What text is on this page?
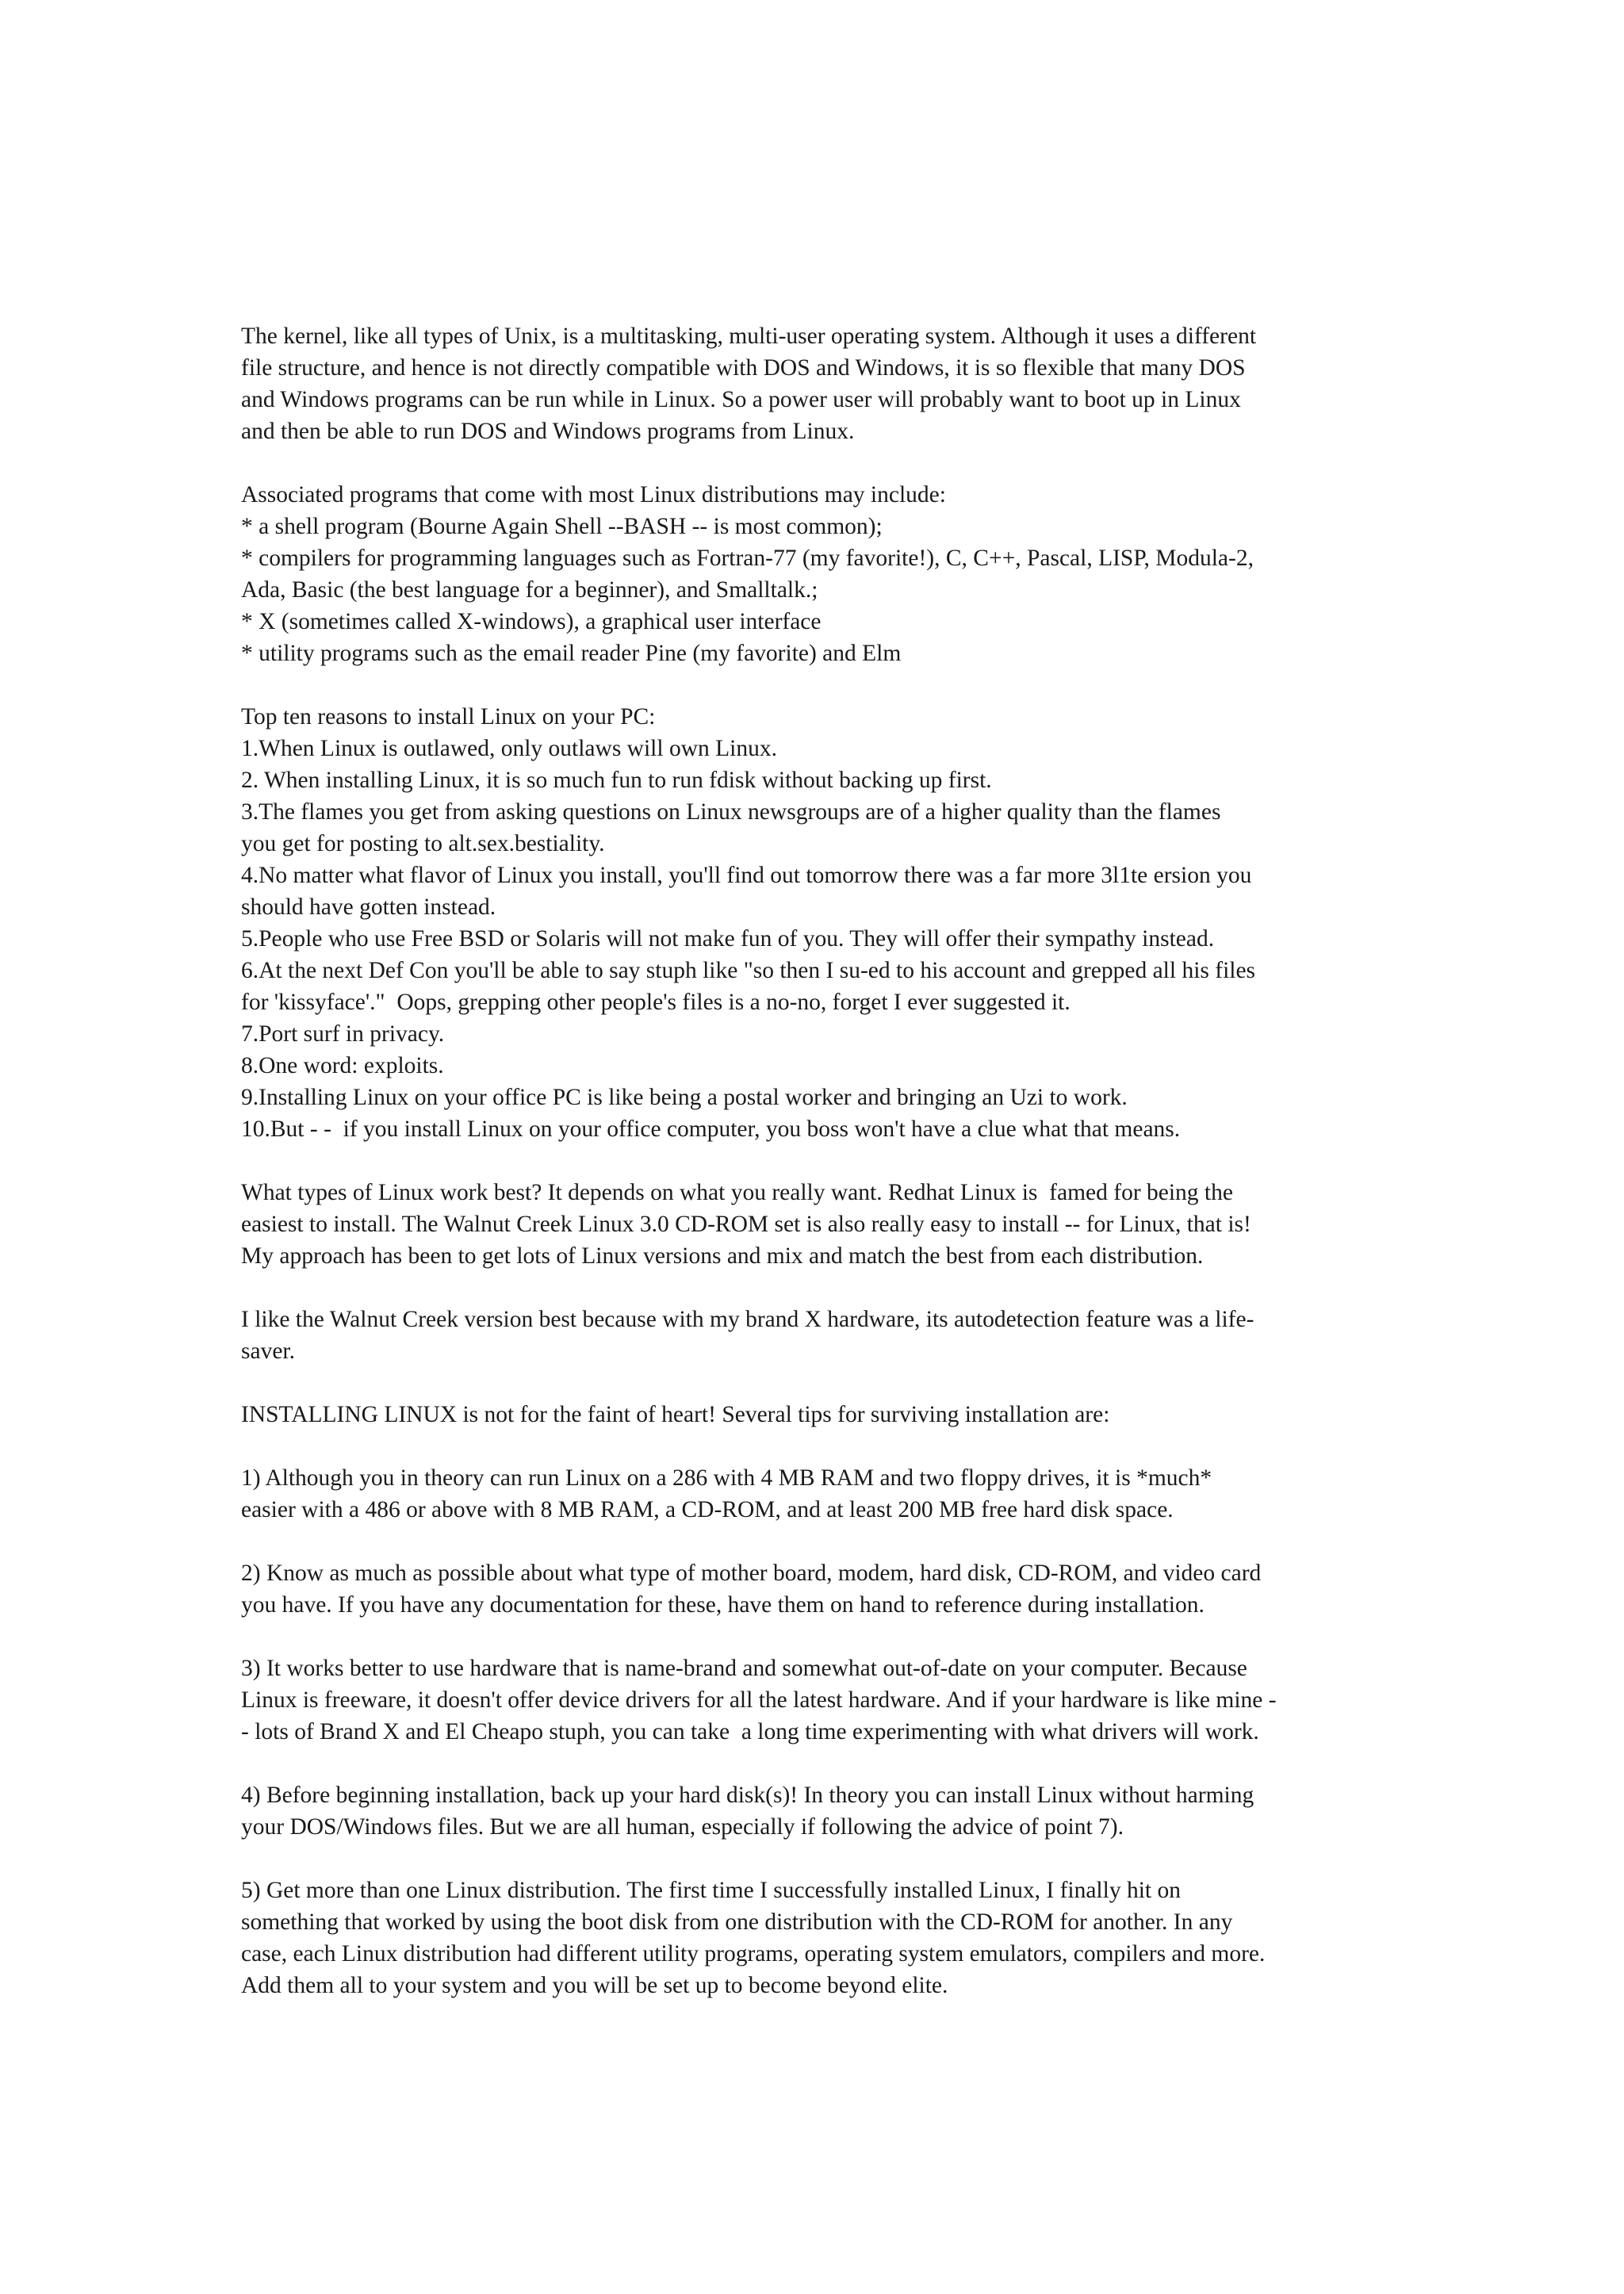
The kernel, like all types of Unix, is a multitasking, multi-user operating system. Although it uses a different
file structure, and hence is not directly compatible with DOS and Windows, it is so flexible that many DOS
and Windows programs can be run while in Linux. So a power user will probably want to boot up in Linux
and then be able to run DOS and Windows programs from Linux.

Associated programs that come with most Linux distributions may include:
* a shell program (Bourne Again Shell --BASH -- is most common);
* compilers for programming languages such as Fortran-77 (my favorite!), C, C++, Pascal, LISP, Modula-2,
Ada, Basic (the best language for a beginner), and Smalltalk.;
* X (sometimes called X-windows), a graphical user interface
* utility programs such as the email reader Pine (my favorite) and Elm

Top ten reasons to install Linux on your PC:
1.When Linux is outlawed, only outlaws will own Linux.
2. When installing Linux, it is so much fun to run fdisk without backing up first.
3.The flames you get from asking questions on Linux newsgroups are of a higher quality than the flames
you get for posting to alt.sex.bestiality.
4.No matter what flavor of Linux you install, you'll find out tomorrow there was a far more 3l1te ersion you
should have gotten instead.
5.People who use Free BSD or Solaris will not make fun of you. They will offer their sympathy instead.
6.At the next Def Con you'll be able to say stuph like "so then I su-ed to his account and grepped all his files
for 'kissyface'."  Oops, grepping other people's files is a no-no, forget I ever suggested it.
7.Port surf in privacy.
8.One word: exploits.
9.Installing Linux on your office PC is like being a postal worker and bringing an Uzi to work.
10.But - -  if you install Linux on your office computer, you boss won't have a clue what that means.

What types of Linux work best? It depends on what you really want. Redhat Linux is  famed for being the
easiest to install. The Walnut Creek Linux 3.0 CD-ROM set is also really easy to install -- for Linux, that is!
My approach has been to get lots of Linux versions and mix and match the best from each distribution.

I like the Walnut Creek version best because with my brand X hardware, its autodetection feature was a life-
saver.

INSTALLING LINUX is not for the faint of heart! Several tips for surviving installation are:

1) Although you in theory can run Linux on a 286 with 4 MB RAM and two floppy drives, it is *much*
easier with a 486 or above with 8 MB RAM, a CD-ROM, and at least 200 MB free hard disk space.

2) Know as much as possible about what type of mother board, modem, hard disk, CD-ROM, and video card
you have. If you have any documentation for these, have them on hand to reference during installation.

3) It works better to use hardware that is name-brand and somewhat out-of-date on your computer. Because
Linux is freeware, it doesn't offer device drivers for all the latest hardware. And if your hardware is like mine -
- lots of Brand X and El Cheapo stuph, you can take  a long time experimenting with what drivers will work.

4) Before beginning installation, back up your hard disk(s)! In theory you can install Linux without harming
your DOS/Windows files. But we are all human, especially if following the advice of point 7).

5) Get more than one Linux distribution. The first time I successfully installed Linux, I finally hit on
something that worked by using the boot disk from one distribution with the CD-ROM for another. In any
case, each Linux distribution had different utility programs, operating system emulators, compilers and more.
Add them all to your system and you will be set up to become beyond elite.
